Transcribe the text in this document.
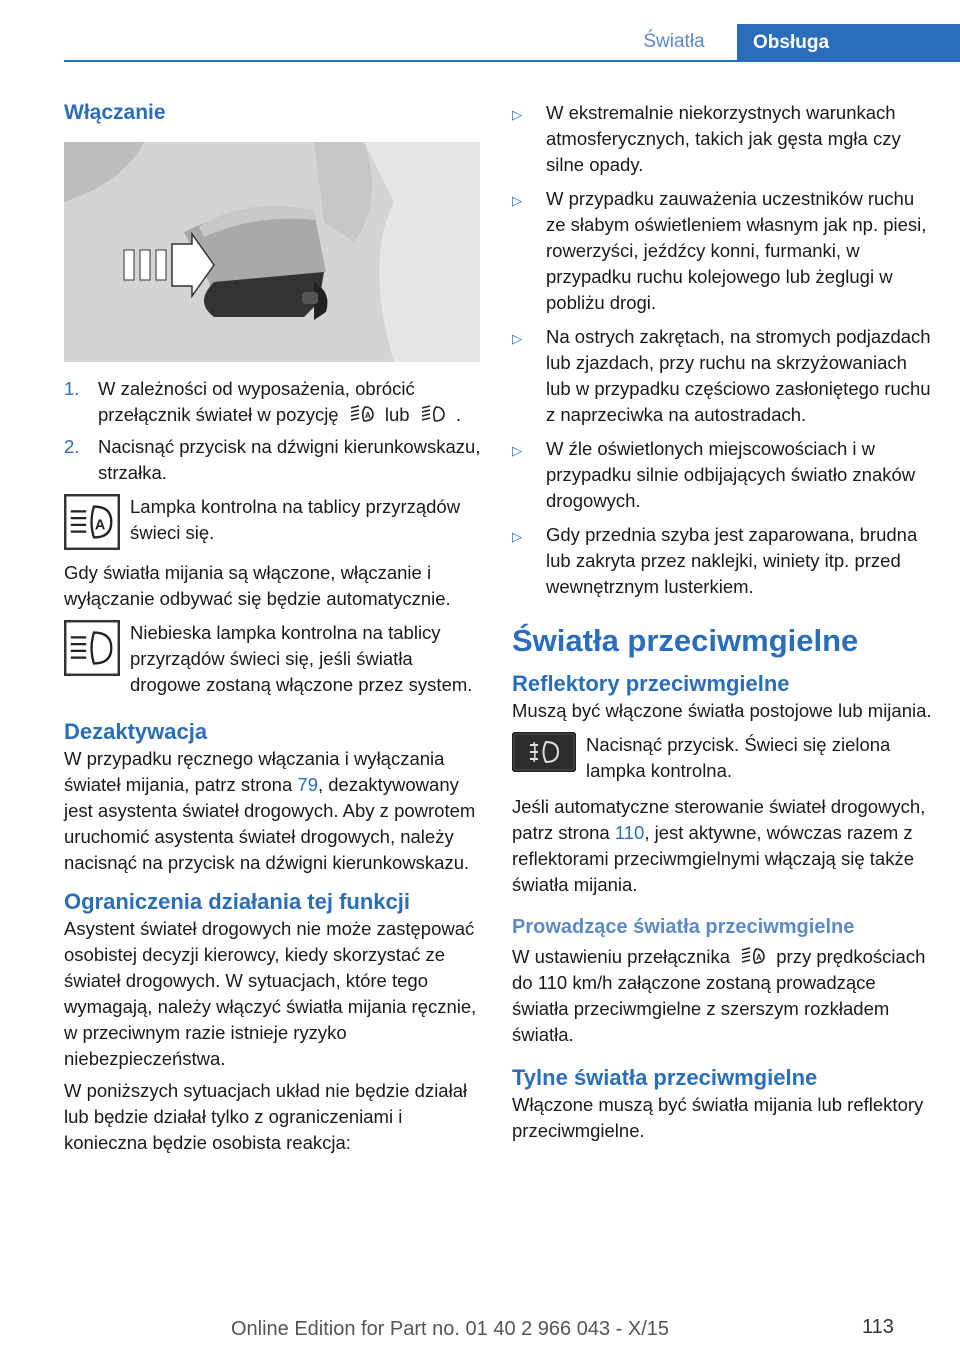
Światła	Obsługa
Włączanie
1.	W zależności od wyposażenia, obrócić przełącznik świateł w pozycję	A lub	.
2.	Nacisnąć przycisk na dźwigni kierunkowskazu, strzałka.
A
Lampka kontrolna na tablicy przyrządów świeci się.
Gdy światła mijania są włączone, włączanie i wyłączanie odbywać się będzie automatycznie.
Niebieska lampka kontrolna na tablicy przyrządów świeci się, jeśli światła drogowe zostaną włączone przez system.
Dezaktywacja
W przypadku ręcznego włączania i wyłączania świateł mijania, patrz strona 79, dezaktywowany jest asystenta świateł drogowych. Aby z powrotem uruchomić asystenta świateł drogowych, należy nacisnąć na przycisk na dźwigni kierunkowskazu.
Ograniczenia działania tej funkcji
Asystent świateł drogowych nie może zastępować osobistej decyzji kierowcy, kiedy skorzystać ze świateł drogowych. W sytuacjach, które tego wymagają, należy włączyć światła mijania ręcznie, w przeciwnym razie istnieje ryzyko niebezpieczeństwa.
W poniższych sytuacjach układ nie będzie działał lub będzie działał tylko z ograniczeniami i konieczna będzie osobista reakcja:
▷	W ekstremalnie niekorzystnych warunkach atmosferycznych, takich jak gęsta mgła czy silne opady.
▷	W przypadku zauważenia uczestników ruchu ze słabym oświetleniem własnym jak np. piesi, rowerzyści, jeźdźcy konni, furmanki, w przypadku ruchu kolejowego lub żeglugi w pobliżu drogi.
▷	Na ostrych zakrętach, na stromych podjazdach lub zjazdach, przy ruchu na skrzyżowaniach lub w przypadku częściowo zasłoniętego ruchu z naprzeciwka na autostradach.
▷	W źle oświetlonych miejscowościach i w przypadku silnie odbijających światło znaków drogowych.
▷	Gdy przednia szyba jest zaparowana, brudna lub zakryta przez naklejki, winiety itp. przed wewnętrznym lusterkiem.
Światła przeciwmgielne
Reflektory przeciwmgielne
Muszą być włączone światła postojowe lub mijania.
Nacisnąć przycisk. Świeci się zielona lampka kontrolna.
Jeśli automatyczne sterowanie świateł drogowych, patrz strona 110, jest aktywne, wówczas razem z reflektorami przeciwmgielnymi włączają się także światła mijania.
Prowadzące światła przeciwmgielne
W ustawieniu przełącznika	A przy prędkościach do 110 km/h załączone zostaną prowadzące światła przeciwmgielne z szerszym rozkładem światła.
Tylne światła przeciwmgielne
Włączone muszą być światła mijania lub reflektory przeciwmgielne.
Online Edition for Part no. 01 40 2 966 043 - X/15	113
